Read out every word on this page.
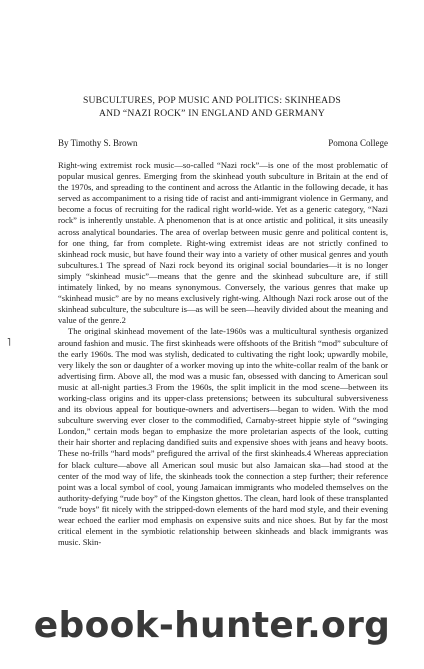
SUBCULTURES, POP MUSIC AND POLITICS: SKINHEADS
AND “NAZI ROCK” IN ENGLAND AND GERMANY
By Timothy S. Brown	Pomona College
˥

Right-wing extremist rock music—so-called “Nazi rock”—is one of the most problematic of popular musical genres. Emerging from the skinhead youth subculture in Britain at the end of the 1970s, and spreading to the continent and across the Atlantic in the following decade, it has served as accompaniment to a rising tide of racist and anti-immigrant violence in Germany, and become a focus of recruiting for the radical right world-wide. Yet as a generic category, “Nazi rock” is inherently unstable. A phenomenon that is at once artistic and political, it sits uneasily across analytical boundaries. The area of overlap between music genre and political content is, for one thing, far from complete. Right-wing extremist ideas are not strictly confined to skinhead rock music, but have found their way into a variety of other musical genres and youth subcultures.1 The spread of Nazi rock beyond its original social boundaries—it is no longer simply “skinhead music”—means that the genre and the skinhead subculture are, if still intimately linked, by no means synonymous. Conversely, the various genres that make up “skinhead music” are by no means exclusively right-wing. Although Nazi rock arose out of the skinhead subculture, the subculture is—as will be seen—heavily divided about the meaning and value of the genre.2

The original skinhead movement of the late-1960s was a multicultural synthesis organized around fashion and music. The first skinheads were offshoots of the British “mod” subculture of the early 1960s. The mod was stylish, dedicated to cultivating the right look; upwardly mobile, very likely the son or daughter of a worker moving up into the white-collar realm of the bank or advertising firm. Above all, the mod was a music fan, obsessed with dancing to American soul music at all-night parties.3 From the 1960s, the split implicit in the mod scene—between its working-class origins and its upper-class pretensions; between its subcultural subversiveness and its obvious appeal for boutique-owners and advertisers—began to widen. With the mod subculture swerving ever closer to the commodified, Carnaby-street hippie style of “swinging London,” certain mods began to emphasize the more proletarian aspects of the look, cutting their hair shorter and replacing dandified suits and expensive shoes with jeans and heavy boots. These no-frills “hard mods” prefigured the arrival of the first skinheads.4 Whereas appreciation for black culture—above all American soul music but also Jamaican ska—had stood at the center of the mod way of life, the skinheads took the connection a step further; their reference point was a local symbol of cool, young Jamaican immigrants who modeled themselves on the authority-defying “rude boy” of the Kingston ghettos. The clean, hard look of these transplanted “rude boys” fit nicely with the stripped-down elements of the hard mod style, and their evening wear echoed the earlier mod emphasis on expensive suits and nice shoes. But by far the most critical element in the symbiotic relationship between skinheads and black immigrants was music. Skin-

ebook-hunter.org
